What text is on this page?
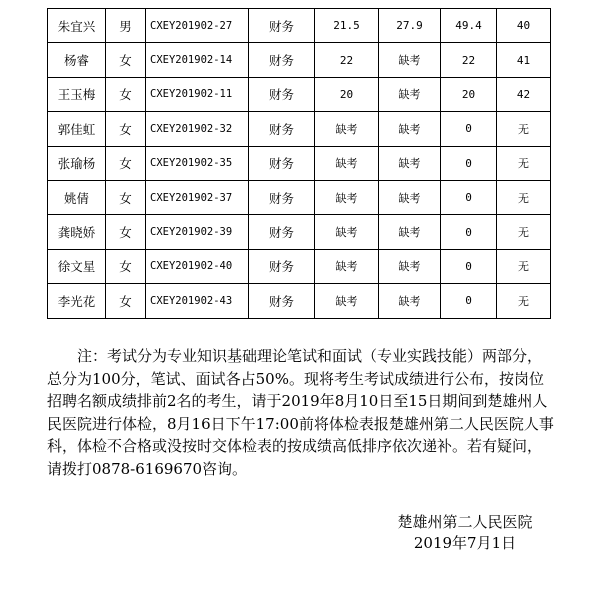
朱宜兴	男	CXEY201902-27	财务	21.5	27.9	49.4	40
杨睿	女	CXEY201902-14	财务	22	缺考	22	41
王玉梅	女	CXEY201902-11	财务	20	缺考	20	42
郭佳虹	女	CXEY201902-32	财务	缺考	缺考	0	无
张瑜杨	女	CXEY201902-35	财务	缺考	缺考	0	无
姚倩	女	CXEY201902-37	财务	缺考	缺考	0	无
龚晓娇	女	CXEY201902-39	财务	缺考	缺考	0	无
徐文星	女	CXEY201902-40	财务	缺考	缺考	0	无
李光花	女	CXEY201902-43	财务	缺考	缺考	0	无

注：考试分为专业知识基础理论笔试和面试（专业实践技能）两部分，总分为100分，笔试、面试各占50%。现将考生考试成绩进行公布，按岗位招聘名额成绩排前2名的考生，请于2019年8月10日至15日期间到楚雄州人民医院进行体检，8月16日下午17:00前将体检表报楚雄州第二人民医院人事科，体检不合格或没按时交体检表的按成绩高低排序依次递补。若有疑问，请拨打0878-6169670咨询。

楚雄州第二人民医院
2019年7月1日
